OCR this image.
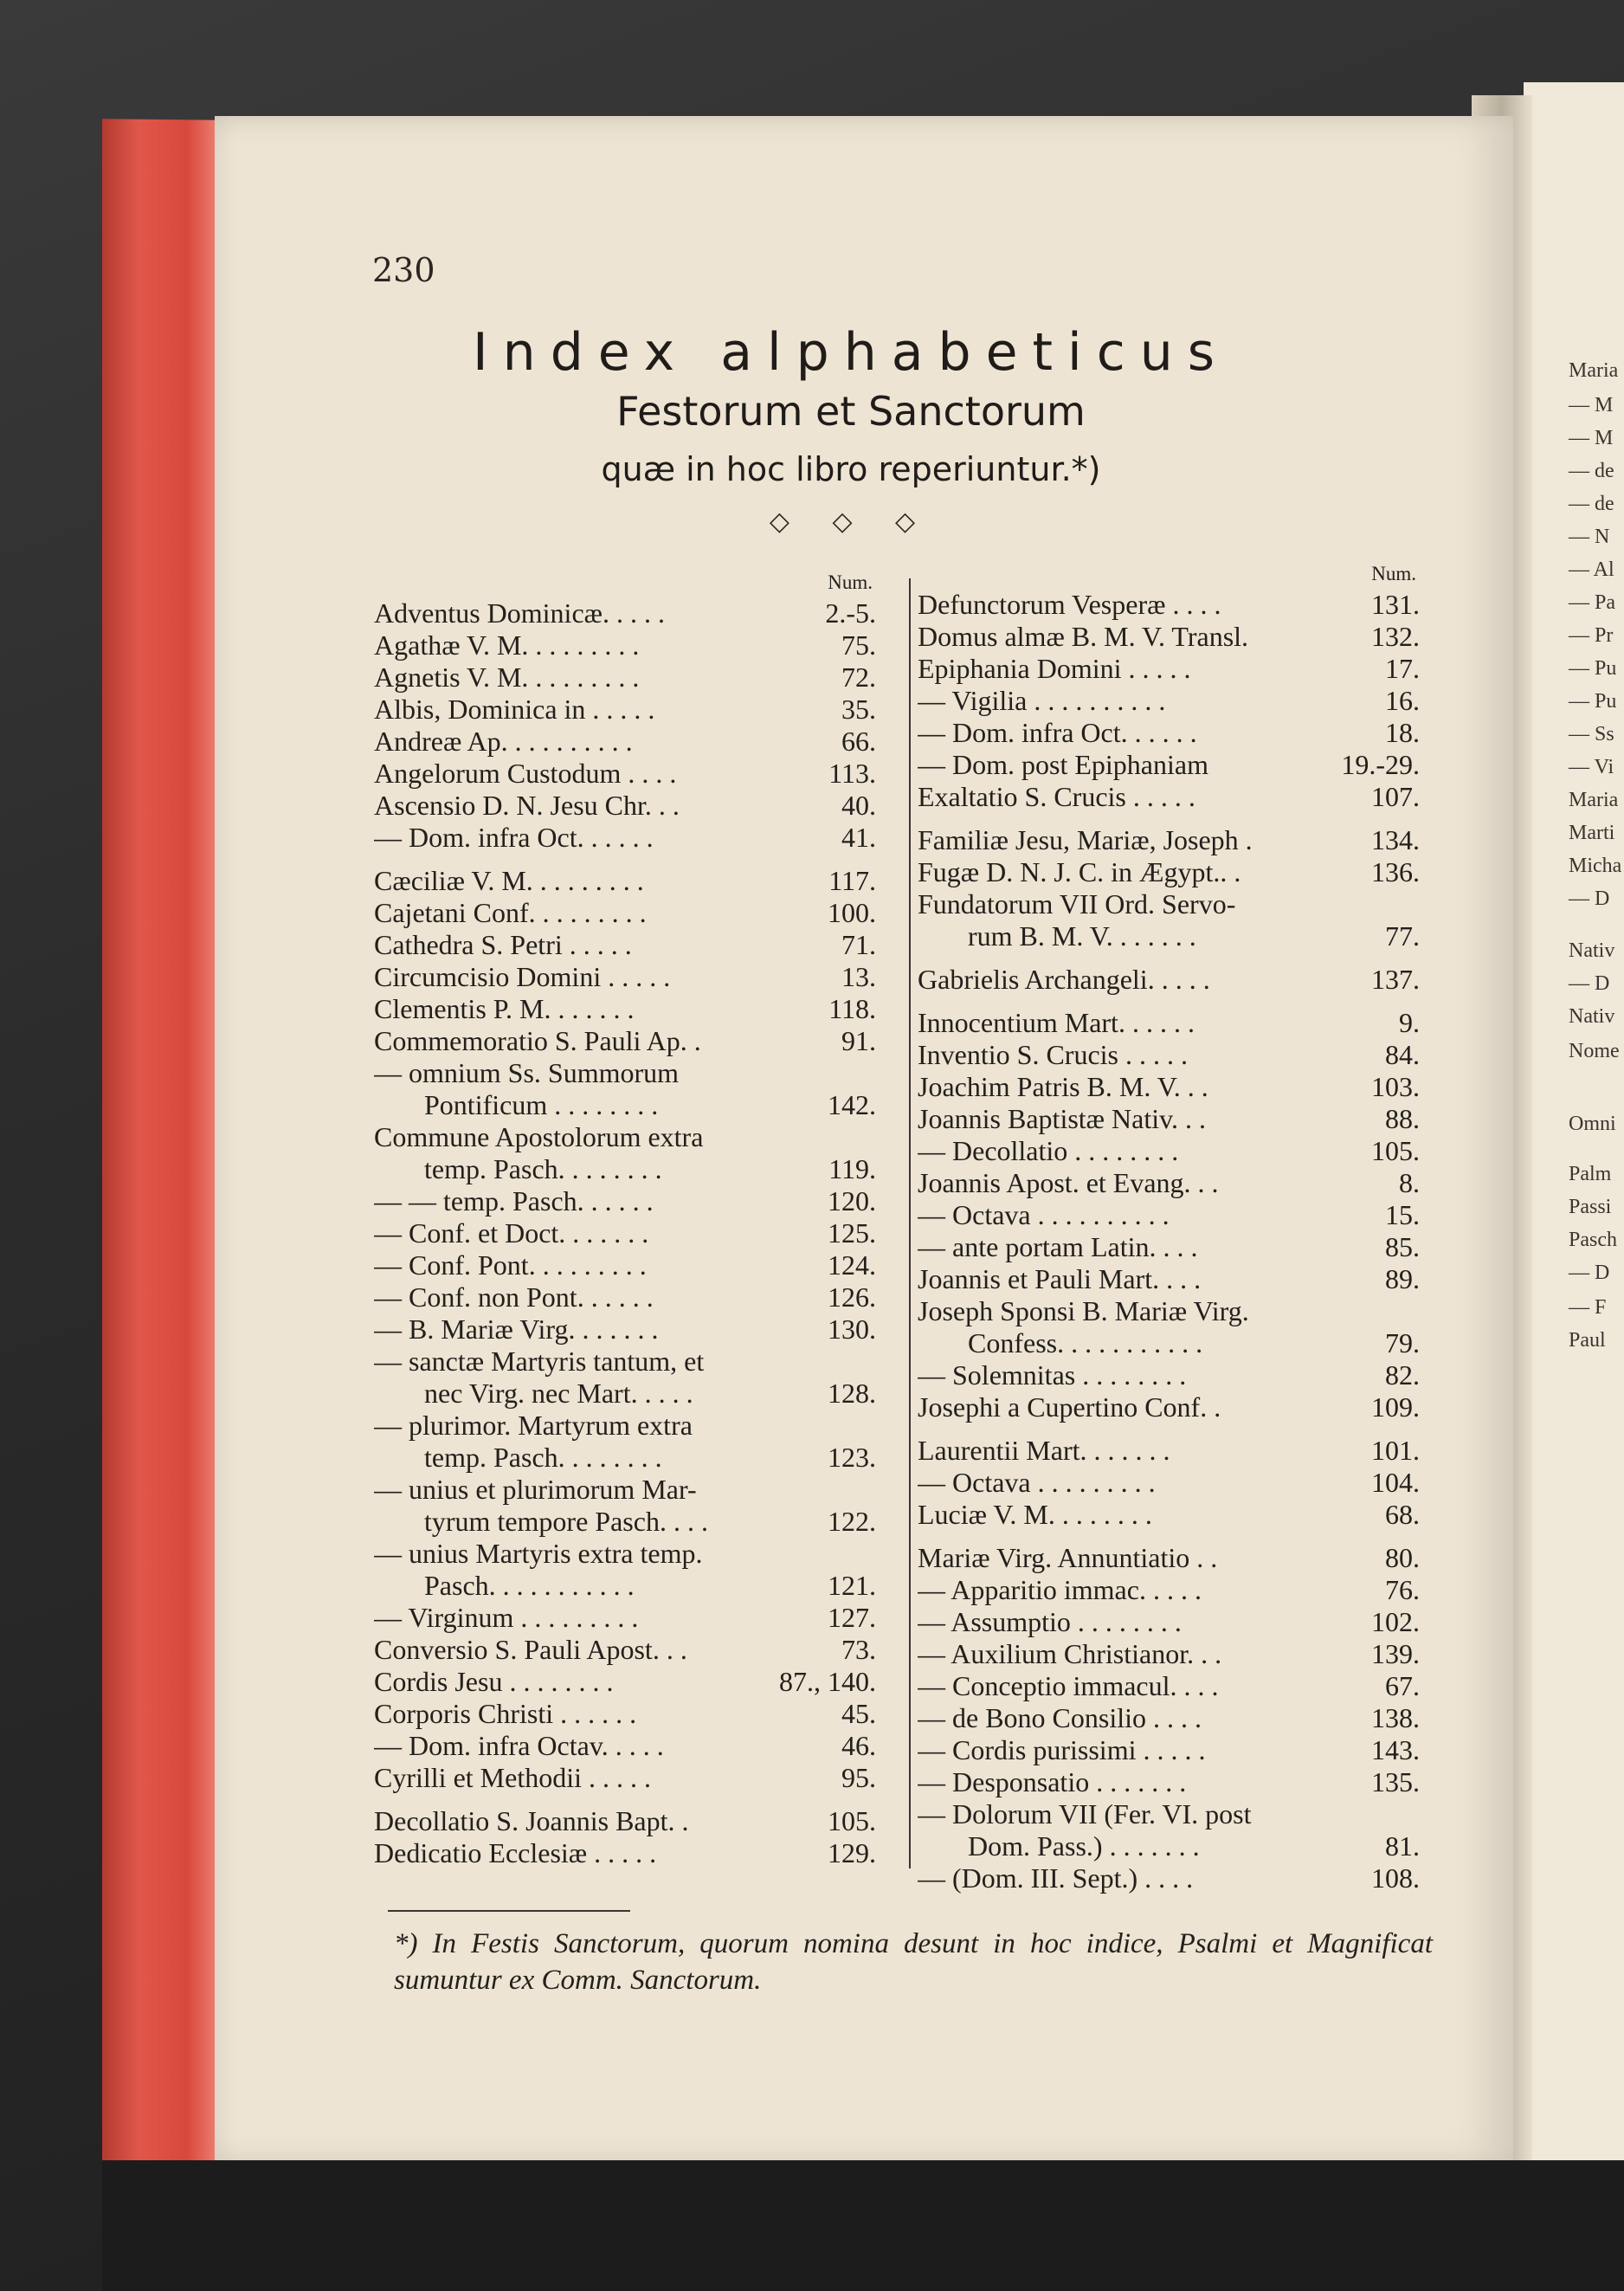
Maria
— M
— M
— de
— de
— N
— Al
— Pa
— Pr
— Pu
— Pu
— Ss
— Vi
Maria
Marti
Micha
— D
Nativ
— D
Nativ
Nome
Omni
Palm
Passi
Pasch
— D
— F
Paul
230
Index alphabeticus
Festorum et Sanctorum
quæ in hoc libro reperiuntur.*)
◇ ◇ ◇
Num.
Adventus Dominicæ. . . . .	2.-5.
Agathæ V. M. . . . . . . . .	75.
Agnetis V. M. . . . . . . . .	72.
Albis, Dominica in . . . . .	35.
Andreæ Ap. . . . . . . . . .	66.
Angelorum Custodum . . . .	113.
Ascensio D. N. Jesu Chr. . .	40.
— Dom. infra Oct. . . . . .	41.
Cæciliæ V. M. . . . . . . . .	117.
Cajetani Conf. . . . . . . . .	100.
Cathedra S. Petri . . . . .	71.
Circumcisio Domini . . . . .	13.
Clementis P. M. . . . . . .	118.
Commemoratio S. Pauli Ap. .	91.
— omnium Ss. Summorum
Pontificum . . . . . . . .	142.
Commune Apostolorum extra
temp. Pasch. . . . . . . .	119.
— — temp. Pasch. . . . . .	120.
— Conf. et Doct. . . . . . .	125.
— Conf. Pont. . . . . . . . .	124.
— Conf. non Pont. . . . . .	126.
— B. Mariæ Virg. . . . . . .	130.
— sanctæ Martyris tantum, et
nec Virg. nec Mart. . . . .	128.
— plurimor. Martyrum extra
temp. Pasch. . . . . . . .	123.
— unius et plurimorum Mar-
tyrum tempore Pasch. . . .	122.
— unius Martyris extra temp.
Pasch. . . . . . . . . . .	121.
— Virginum . . . . . . . . .	127.
Conversio S. Pauli Apost. . .	73.
Cordis Jesu . . . . . . . .	87., 140.
Corporis Christi . . . . . .	45.
— Dom. infra Octav. . . . .	46.
Cyrilli et Methodii . . . . .	95.
Decollatio S. Joannis Bapt. .	105.
Dedicatio Ecclesiæ . . . . .	129.
Num.
Defunctorum Vesperæ . . . .	131.
Domus almæ B. M. V. Transl.	132.
Epiphania Domini . . . . .	17.
— Vigilia . . . . . . . . . .	16.
— Dom. infra Oct. . . . . .	18.
— Dom. post Epiphaniam	19.-29.
Exaltatio S. Crucis . . . . .	107.
Familiæ Jesu, Mariæ, Joseph .	134.
Fugæ D. N. J. C. in Ægypt.. .	136.
Fundatorum VII Ord. Servo-
rum B. M. V. . . . . . .	77.
Gabrielis Archangeli. . . . .	137.
Innocentium Mart. . . . . .	9.
Inventio S. Crucis . . . . .	84.
Joachim Patris B. M. V. . .	103.
Joannis Baptistæ Nativ. . .	88.
— Decollatio . . . . . . . .	105.
Joannis Apost. et Evang. . .	8.
— Octava . . . . . . . . . .	15.
— ante portam Latin. . . .	85.
Joannis et Pauli Mart. . . .	89.
Joseph Sponsi B. Mariæ Virg.
Confess. . . . . . . . . . .	79.
— Solemnitas . . . . . . . .	82.
Josephi a Cupertino Conf. .	109.
Laurentii Mart. . . . . . .	101.
— Octava . . . . . . . . .	104.
Luciæ V. M. . . . . . . .	68.
Mariæ Virg. Annuntiatio . .	80.
— Apparitio immac. . . . .	76.
— Assumptio . . . . . . . .	102.
— Auxilium Christianor. . .	139.
— Conceptio immacul. . . .	67.
— de Bono Consilio . . . .	138.
— Cordis purissimi . . . . .	143.
— Desponsatio . . . . . . .	135.
— Dolorum VII (Fer. VI. post
Dom. Pass.) . . . . . . .	81.
— (Dom. III. Sept.) . . . .	108.
*) In Festis Sanctorum, quorum nomina desunt in hoc indice, Psalmi et Magnificat sumuntur ex Comm. Sanctorum.
